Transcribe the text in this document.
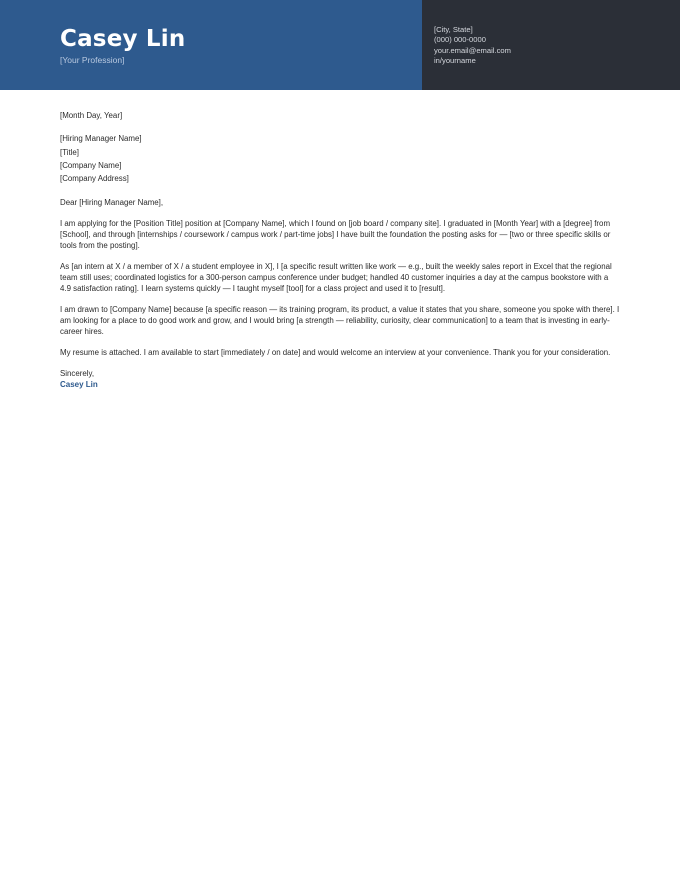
Casey Lin
[Your Profession]
[City, State]
(000) 000-0000
your.email@email.com
in/yourname

[Month Day, Year]

[Hiring Manager Name]
[Title]
[Company Name]
[Company Address]

Dear [Hiring Manager Name],

I am applying for the [Position Title] position at [Company Name], which I found on [job board / company site]. I graduated in [Month Year] with a [degree] from [School], and through [internships / coursework / campus work / part-time jobs] I have built the foundation the posting asks for — [two or three specific skills or tools from the posting].

As [an intern at X / a member of X / a student employee in X], I [a specific result written like work — e.g., built the weekly sales report in Excel that the regional team still uses; coordinated logistics for a 300-person campus conference under budget; handled 40 customer inquiries a day at the campus bookstore with a 4.9 satisfaction rating]. I learn systems quickly — I taught myself [tool] for a class project and used it to [result].

I am drawn to [Company Name] because [a specific reason — its training program, its product, a value it states that you share, someone you spoke with there]. I am looking for a place to do good work and grow, and I would bring [a strength — reliability, curiosity, clear communication] to a team that is investing in early-career hires.

My resume is attached. I am available to start [immediately / on date] and would welcome an interview at your convenience. Thank you for your consideration.

Sincerely,

Casey Lin
